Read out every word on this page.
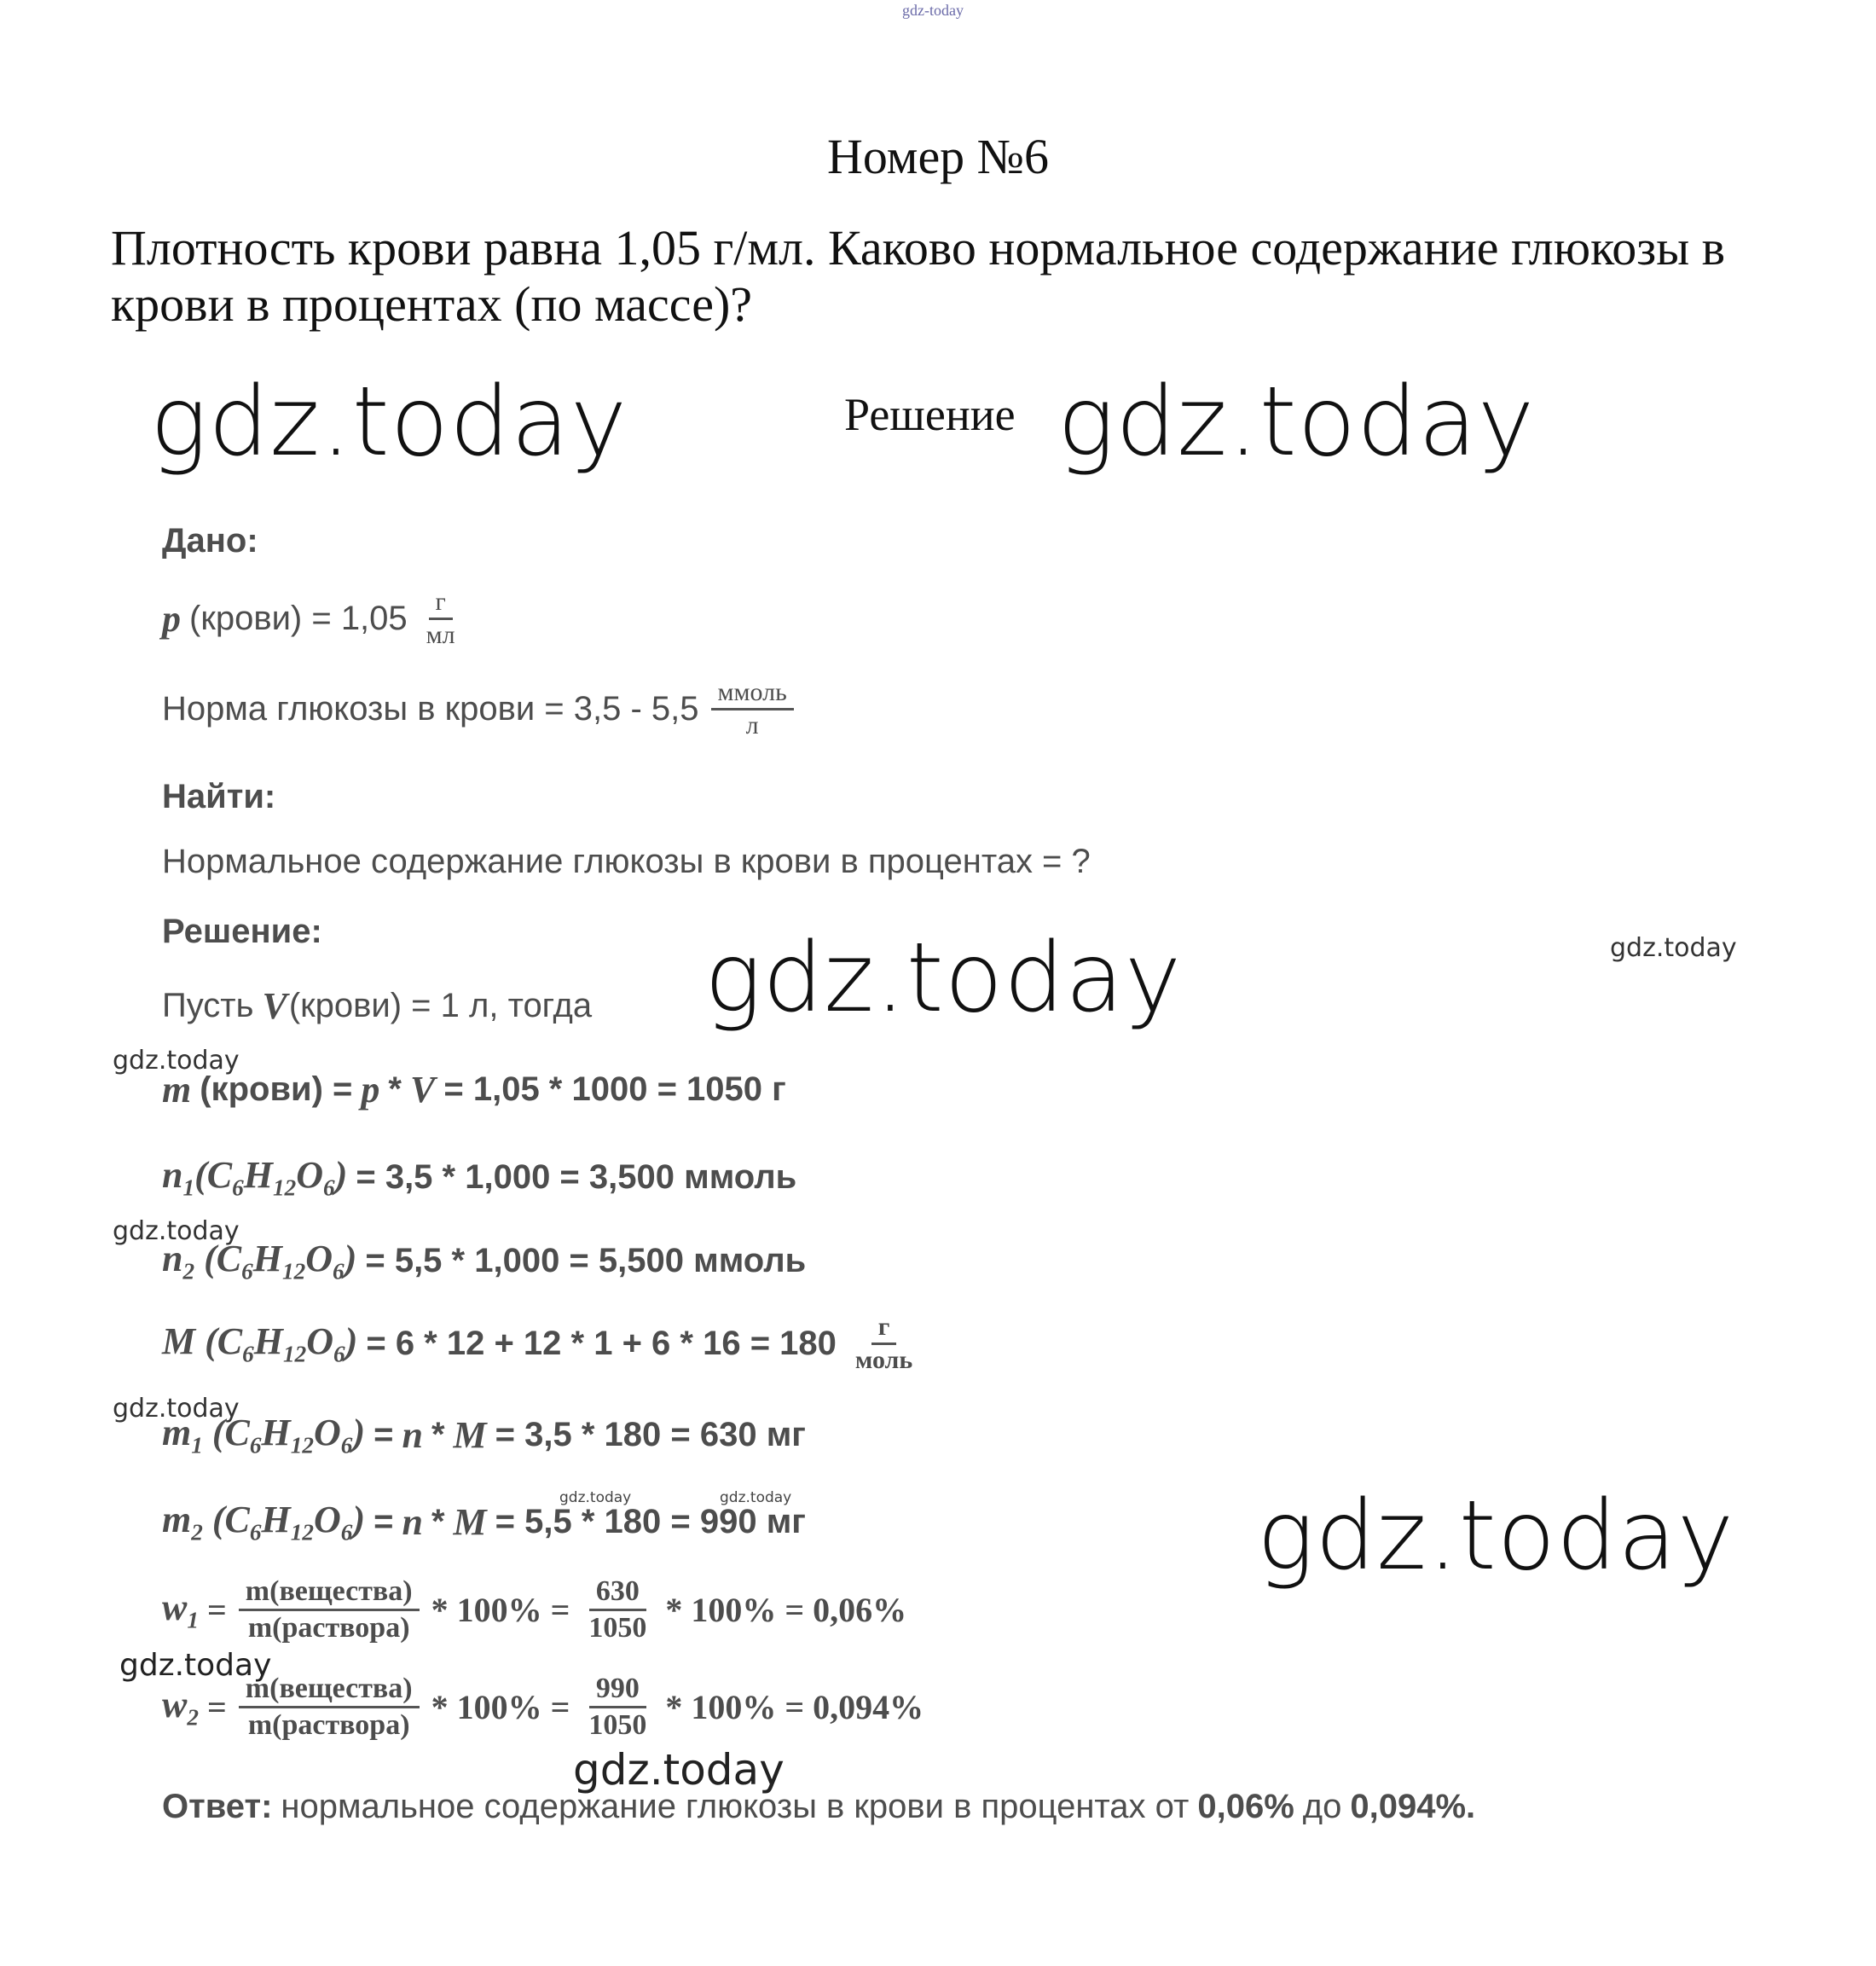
gdz-today
Номер №6
Плотность крови равна 1,05 г/мл. Каково нормальное содержание глюкозы в крови в процентах (по массе)?
Решение
gdz.today	gdz.today
gdz.today
gdz.today
gdz.today
gdz.today
gdz.today
gdz.today
gdz.today
gdz.today
gdz.today	gdz.today
Дано:
p (крови) = $1,05 \frac{г}{мл}$
Норма глюкозы в крови = $3,5 - 5,5 \frac{\text{ммоль}}{л}$
Найти:
Нормальное содержание глюкозы в крови в процентах = ?
Решение:
Пусть V (крови) = 1 л, тогда
m (крови) = p * V = 1,05 * 1000 = 1050 г
$n_1(C_6H_{12}O_6) = 3,5 * 1,000 = 3,500$ ммоль
$n_2$ $(C_6H_{12}O_6) = 5,5 * 1,000 = 5,500$ ммоль
M $(C_6H_{12}O_6) = 6 * 12 + 12 * 1 + 6 * 16 = 180 \frac{г}{\text{моль}}$
$m_1$ $(C_6H_{12}O_6) = n * M = 3,5 * 180 = 630$ мг
$m_2$ $(C_6H_{12}O_6) = n * M = 5,5 * 180 = 990$ мг
$w_1 = \frac{\text{m(вещества)}}{\text{m(раствора)}} * 100\% = \frac{630}{1050} * 100\% = 0,06\%$
$w_2 = \frac{\text{m(вещества)}}{\text{m(раствора)}} * 100\% = \frac{990}{1050} * 100\% = 0,094\%$
Ответ: нормальное содержание глюкозы в крови в процентах от 0,06% до 0,094%.
